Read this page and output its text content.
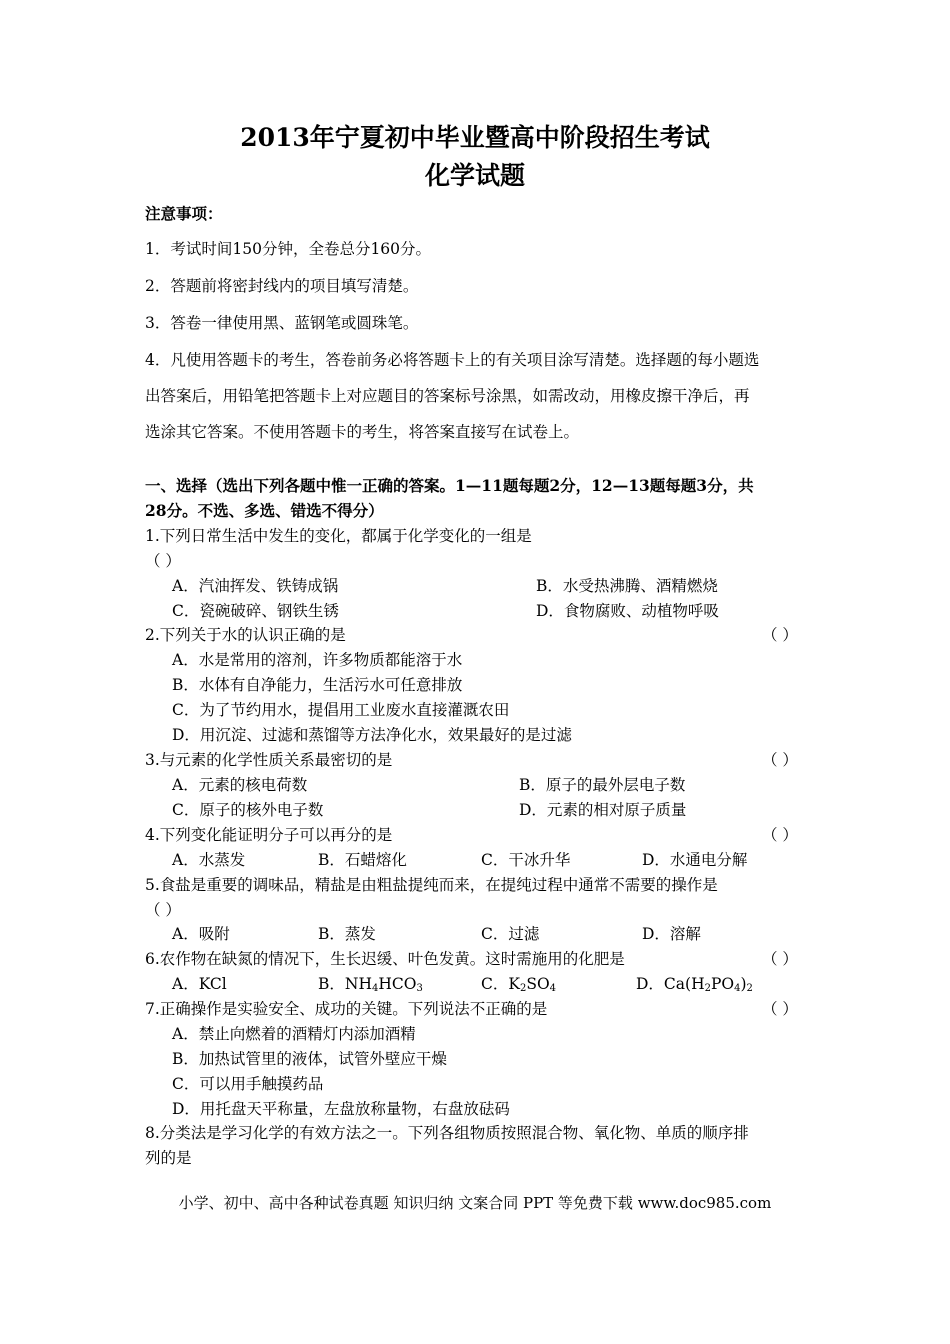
2013年宁夏初中毕业暨高中阶段招生考试
化学试题
注意事项：
1．考试时间150分钟，全卷总分160分。
2．答题前将密封线内的项目填写清楚。
3．答卷一律使用黑、蓝钢笔或圆珠笔。
4．凡使用答题卡的考生，答卷前务必将答题卡上的有关项目涂写清楚。选择题的每小题选
出答案后，用铅笔把答题卡上对应题目的答案标号涂黑，如需改动，用橡皮擦干净后，再
选涂其它答案。不使用答题卡的考生，将答案直接写在试卷上。
一、选择（选出下列各题中惟一正确的答案。1—11题每题2分，12—13题每题3分，共
28分。不选、多选、错选不得分）
1.下列日常生活中发生的变化，都属于化学变化的一组是
（ ）
A．汽油挥发、铁铸成锅	B．水受热沸腾、酒精燃烧
C．瓷碗破碎、钢铁生锈	D．食物腐败、动植物呼吸
2.下列关于水的认识正确的是	（ ）
A．水是常用的溶剂，许多物质都能溶于水
B．水体有自净能力，生活污水可任意排放
C．为了节约用水，提倡用工业废水直接灌溉农田
D．用沉淀、过滤和蒸馏等方法净化水，效果最好的是过滤
3.与元素的化学性质关系最密切的是	（ ）
A．元素的核电荷数	B．原子的最外层电子数
C．原子的核外电子数	D．元素的相对原子质量
4.下列变化能证明分子可以再分的是	（ ）
A．水蒸发	B．石蜡熔化	C．干冰升华	D．水通电分解
5.食盐是重要的调味品，精盐是由粗盐提纯而来，在提纯过程中通常不需要的操作是
（ ）
A．吸附	B．蒸发	C．过滤	D．溶解
6.农作物在缺氮的情况下，生长迟缓、叶色发黄。这时需施用的化肥是	（ ）
A．KCl	B．$NH_4HCO_3$	C．$K_2SO_4$	D．$Ca(H_2PO_4)_2$
7.正确操作是实验安全、成功的关键。下列说法不正确的是	（ ）
A．禁止向燃着的酒精灯内添加酒精
B．加热试管里的液体，试管外壁应干燥
C．可以用手触摸药品
D．用托盘天平称量，左盘放称量物，右盘放砝码
8.分类法是学习化学的有效方法之一。下列各组物质按照混合物、氧化物、单质的顺序排
列的是
小学、初中、高中各种试卷真题 知识归纳 文案合同 PPT 等免费下载 www.doc985.com
